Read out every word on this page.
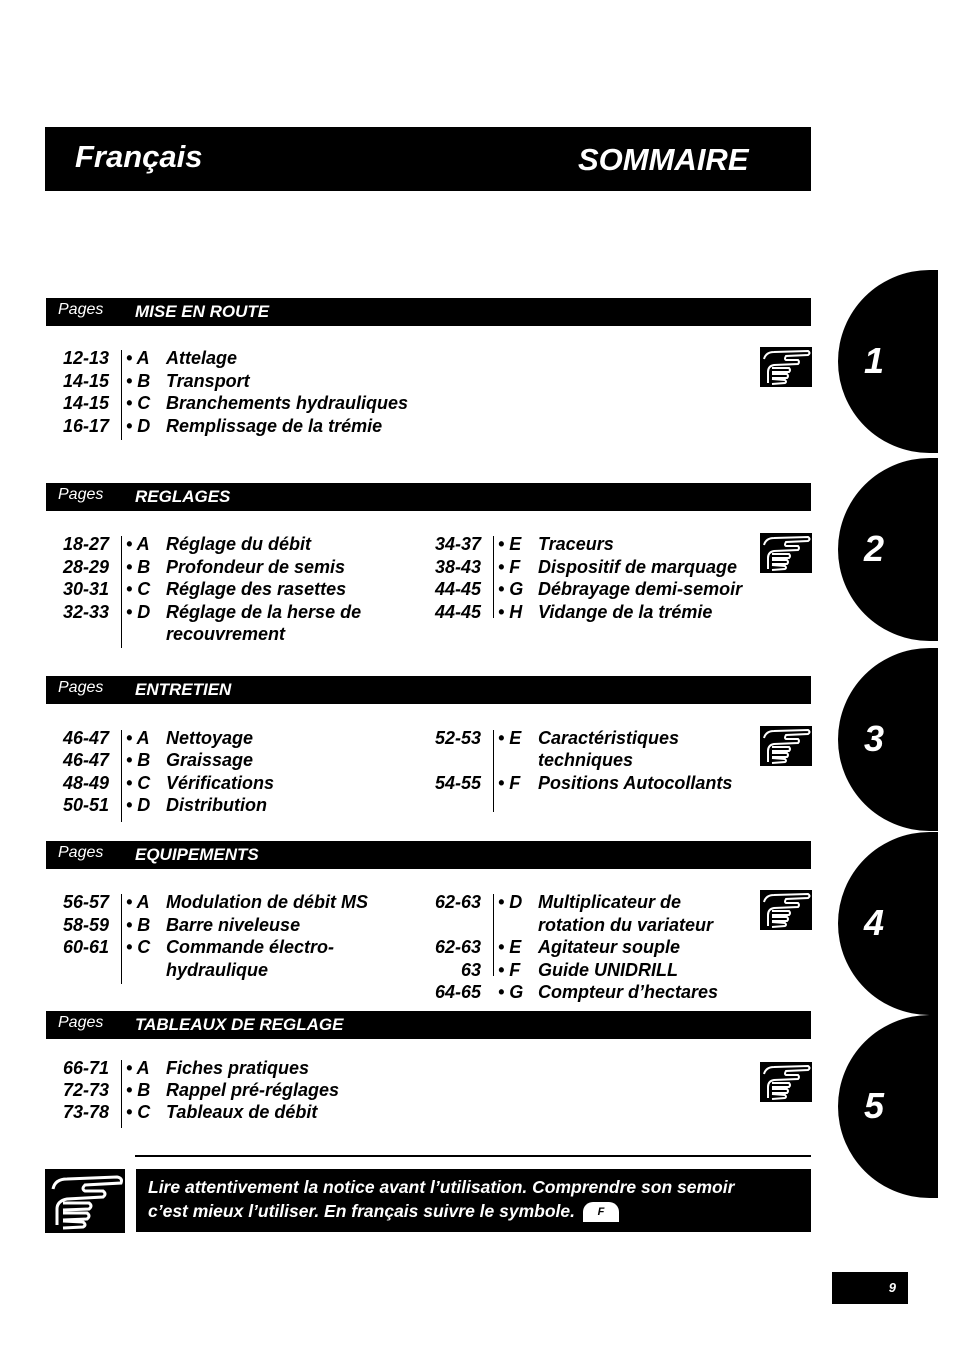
Français	SOMMAIRE
Pages MISE EN ROUTE
12-13 • A Attelage
14-15 • B Transport
14-15 • C Branchements hydrauliques
16-17 • D Remplissage de la trémie
1
Pages REGLAGES
18-27 • A Réglage du débit
28-29 • B Profondeur de semis
30-31 • C Réglage des rasettes
32-33 • D Réglage de la herse de
recouvrement
34-37 • E Traceurs
38-43 • F Dispositif de marquage
44-45 • G Débrayage demi-semoir
44-45 • H Vidange de la trémie
2
Pages ENTRETIEN
46-47 • A Nettoyage
46-47 • B Graissage
48-49 • C Vérifications
50-51 • D Distribution
52-53 • E Caractéristiques
techniques
54-55 • F Positions Autocollants
3
Pages EQUIPEMENTS
56-57 • A Modulation de débit MS
58-59 • B Barre niveleuse
60-61 • C Commande électro-
hydraulique
62-63 • D Multiplicateur de
rotation du variateur
62-63 • E Agitateur souple
63 • F Guide UNIDRILL
64-65 • G Compteur d’hectares
4
Pages TABLEAUX DE REGLAGE
66-71 • A Fiches pratiques
72-73 • B Rappel pré-réglages
73-78 • C Tableaux de débit	5
Lire attentivement la notice avant l’utilisation. Comprendre son semoir
c’est mieux l’utiliser. En français suivre le symbole. F
9
